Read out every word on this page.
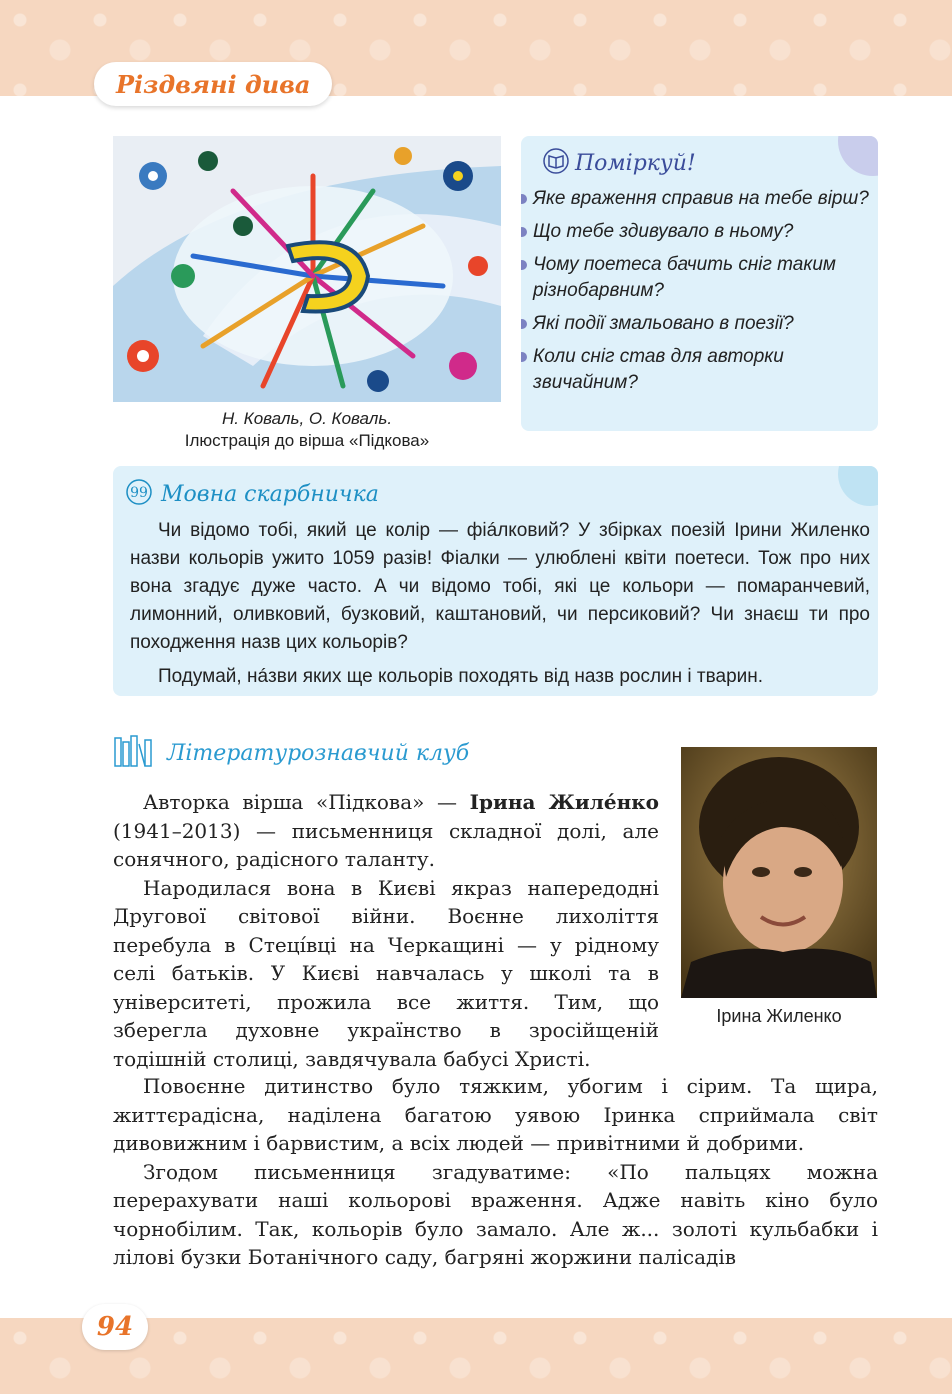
Різдвяні дива
Н. Коваль, О. Коваль.
Ілюстрація до вірша «Підкова»
Поміркуй!
Яке враження справив на тебе вірш?
Що тебе здивувало в ньому?
Чому поетеса бачить сніг таким різнобарвним?
Які події змальовано в поезії?
Коли сніг став для авторки звичайним?
99 Мовна скарбничка

Чи відомо тобі, який це колір — фіáлковий? У збірках поезій Ірини Жиленко назви кольорів ужито 1059 разів! Фіалки — улюблені квіти поетеси. Тож про них вона згадує дуже часто. А чи відомо тобі, які це кольори — помаранчевий, лимонний, оливковий, бузковий, каштановий, чи персиковий? Чи знаєш ти про походження назв цих кольорів?

Подумай, нáзви яких ще кольорів походять від назв рослин і тварин.

Літературознавчий клуб
Ірина Жиленко

Авторка вірша «Підкова» — Ірина Жилéнко (1941–2013) — письменниця складної долі, але сонячного, радісного таланту.

Народилася вона в Києві якраз напередодні Другової світової війни. Воєнне лихоліття перебула в Стецíвці на Черкащині — у рідному селі батьків. У Києві навчалась у школі та в університеті, прожила все життя. Тим, що зберегла духовне українство в зросійщеній тодішній столиці, завдячувала бабусі Христі.

Повоєнне дитинство було тяжким, убогим і сірим. Та щира, життєрадісна, наділена багатою уявою Іринка сприймала світ дивовижним і барвистим, а всіх людей — привітними й добрими.

Згодом письменниця згадуватиме: «По пальцях можна перерахувати наші кольорові враження. Адже навіть кіно було чорнобілим. Так, кольорів було замало. Але ж... золоті кульбабки і лілові бузки Ботанічного саду, багряні жоржини палісадів

94
